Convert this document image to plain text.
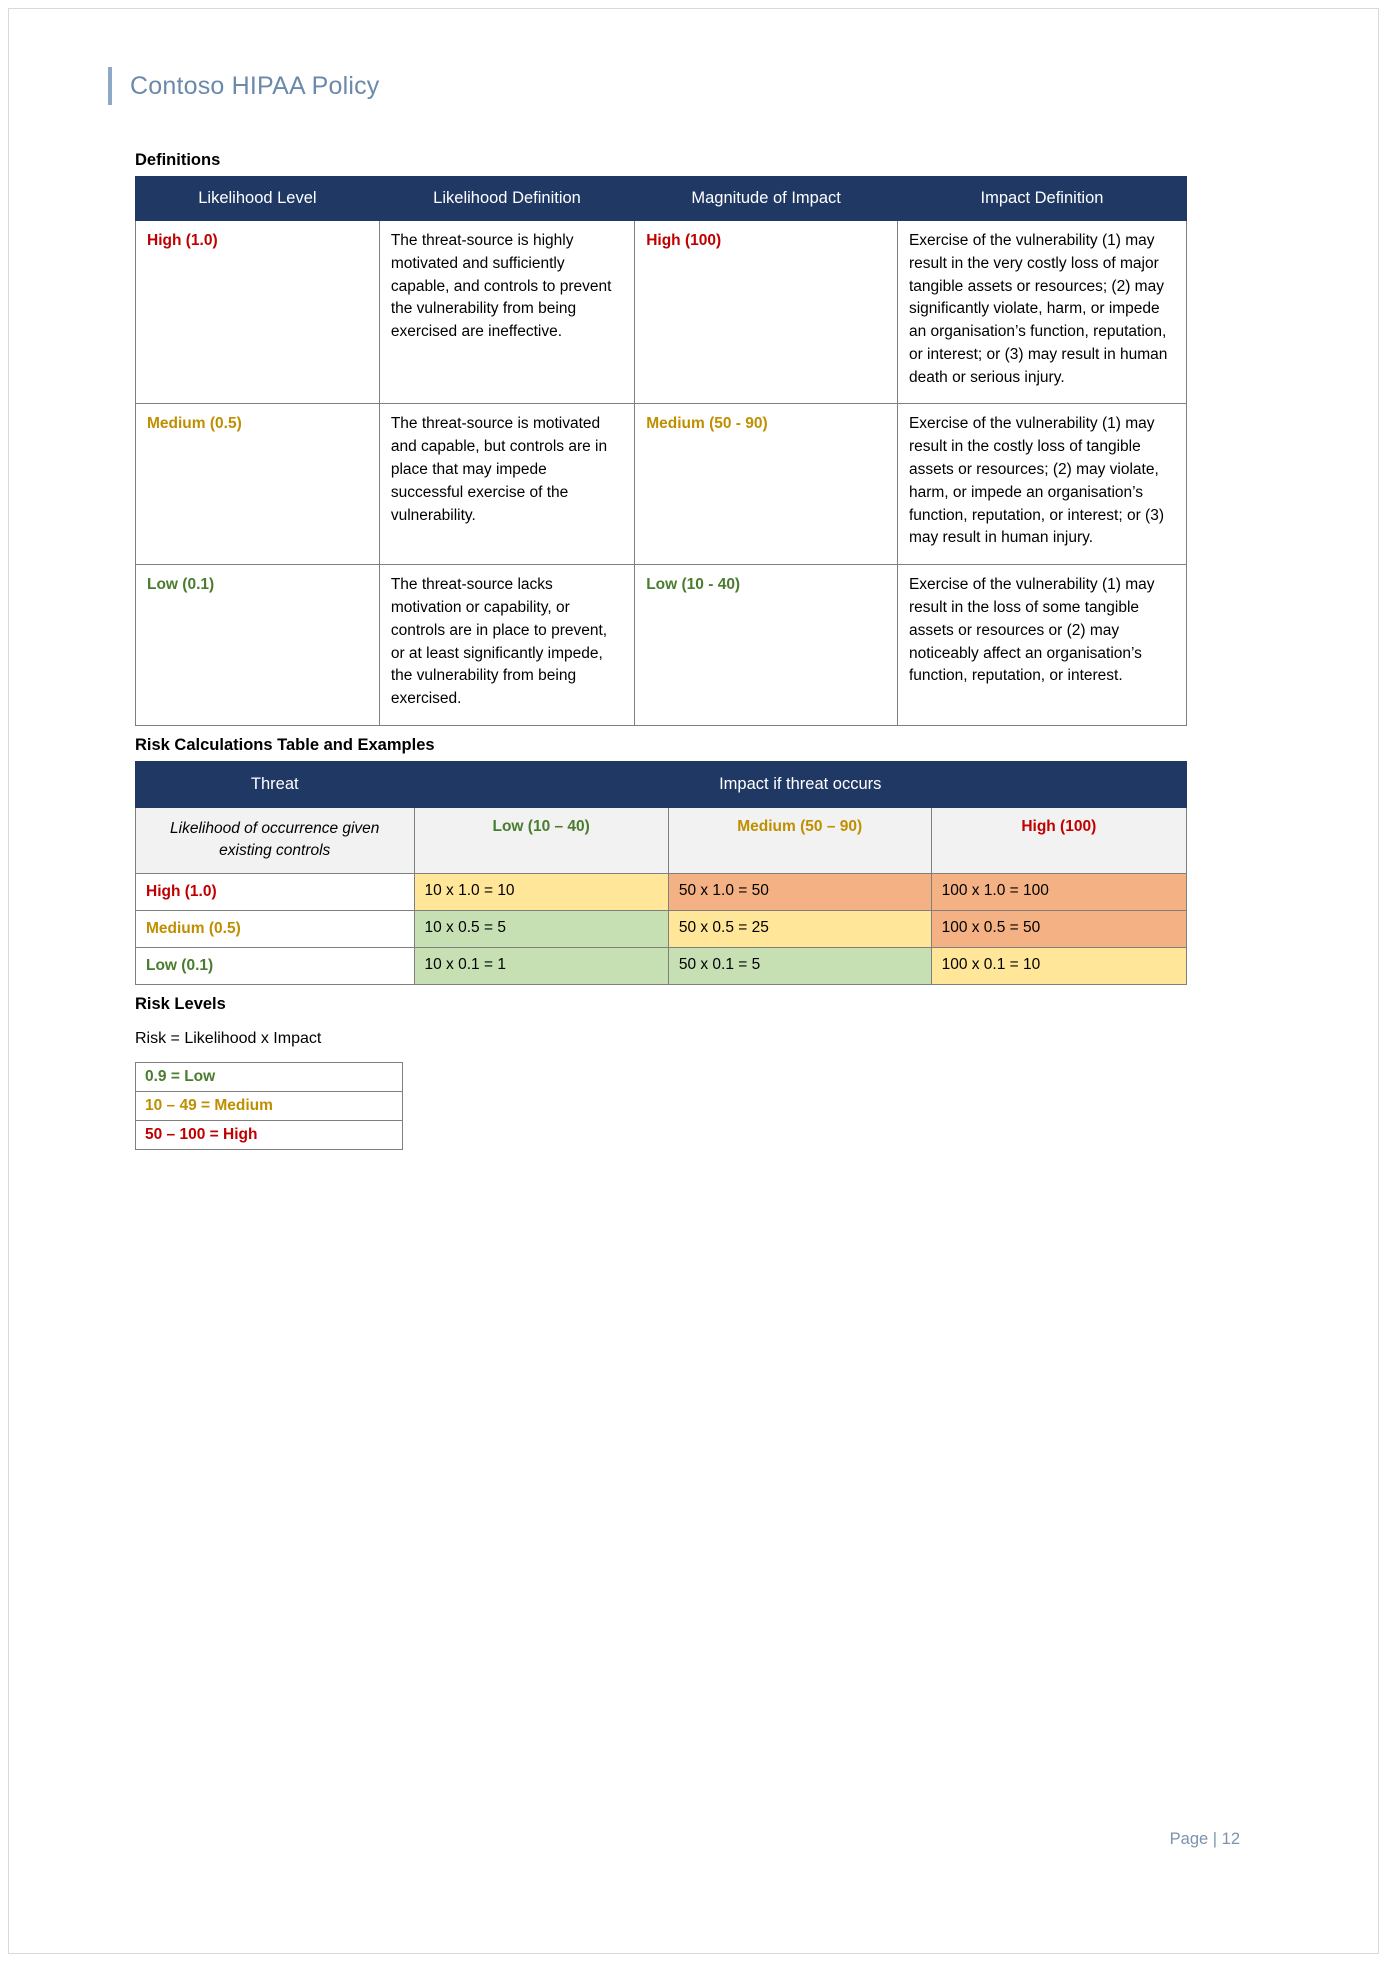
Contoso HIPAA Policy
Definitions
Likelihood Level	Likelihood Definition	Magnitude of Impact	Impact Definition
High (1.0)	The threat-source is highly motivated and sufficiently capable, and controls to prevent the vulnerability from being exercised are ineffective.	High (100)	Exercise of the vulnerability (1) may result in the very costly loss of major tangible assets or resources; (2) may significantly violate, harm, or impede an organisation’s function, reputation, or interest; or (3) may result in human death or serious injury.
Medium (0.5)	The threat-source is motivated and capable, but controls are in place that may impede successful exercise of the vulnerability.	Medium (50 - 90)	Exercise of the vulnerability (1) may result in the costly loss of tangible assets or resources; (2) may violate, harm, or impede an organisation’s function, reputation, or interest; or (3) may result in human injury.
Low (0.1)	The threat-source lacks motivation or capability, or controls are in place to prevent, or at least significantly impede, the vulnerability from being exercised.	Low (10 - 40)	Exercise of the vulnerability (1) may result in the loss of some tangible assets or resources or (2) may noticeably affect an organisation’s function, reputation, or interest.
Risk Calculations Table and Examples
Threat	Impact if threat occurs		
Likelihood of occurrence given existing controls	Low (10 – 40)	Medium (50 – 90)	High (100)
High (1.0)	10 x 1.0 = 10	50 x 1.0 = 50	100 x 1.0 = 100
Medium (0.5)	10 x 0.5 = 5	50 x 0.5 = 25	100 x 0.5 = 50
Low (0.1)	10 x 0.1 = 1	50 x 0.1 = 5	100 x 0.1 = 10
Risk Levels
Risk = Likelihood x Impact
0.9 = Low
10 – 49 = Medium
50 – 100 = High
Page | 12
